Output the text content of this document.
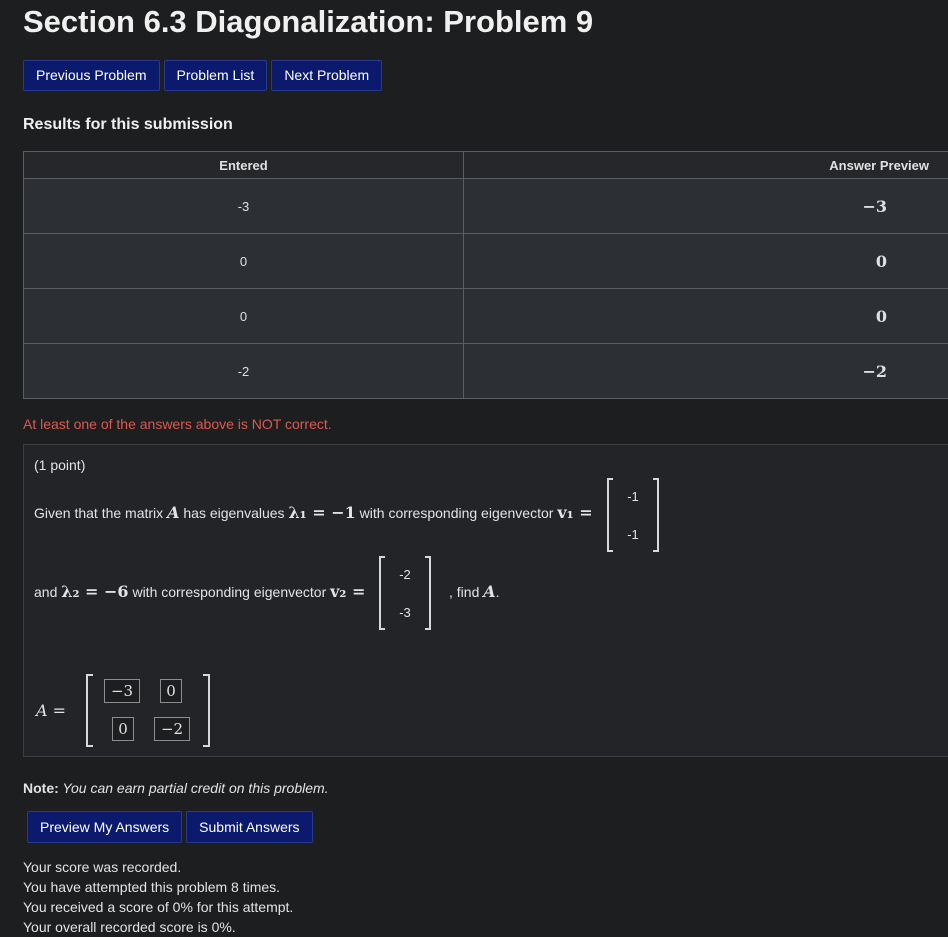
Section 6.3 Diagonalization: Problem 9
Previous Problem	Problem List	Next Problem
Results for this submission
Entered	Answer Preview
-3	−3
0	0
0	0
-2	−2
At least one of the answers above is NOT correct.
(1 point)
Given that the matrix A has eigenvalues λ₁ = −1 with corresponding eigenvector v₁ =
-1
-1
and λ₂ = −6 with corresponding eigenvector v₂ =
-2
-3
, find A.
A =
−3	0
0	−2
Note: You can earn partial credit on this problem.
Preview My Answers	Submit Answers
Your score was recorded.
You have attempted this problem 8 times.
You received a score of 0% for this attempt.
Your overall recorded score is 0%.
